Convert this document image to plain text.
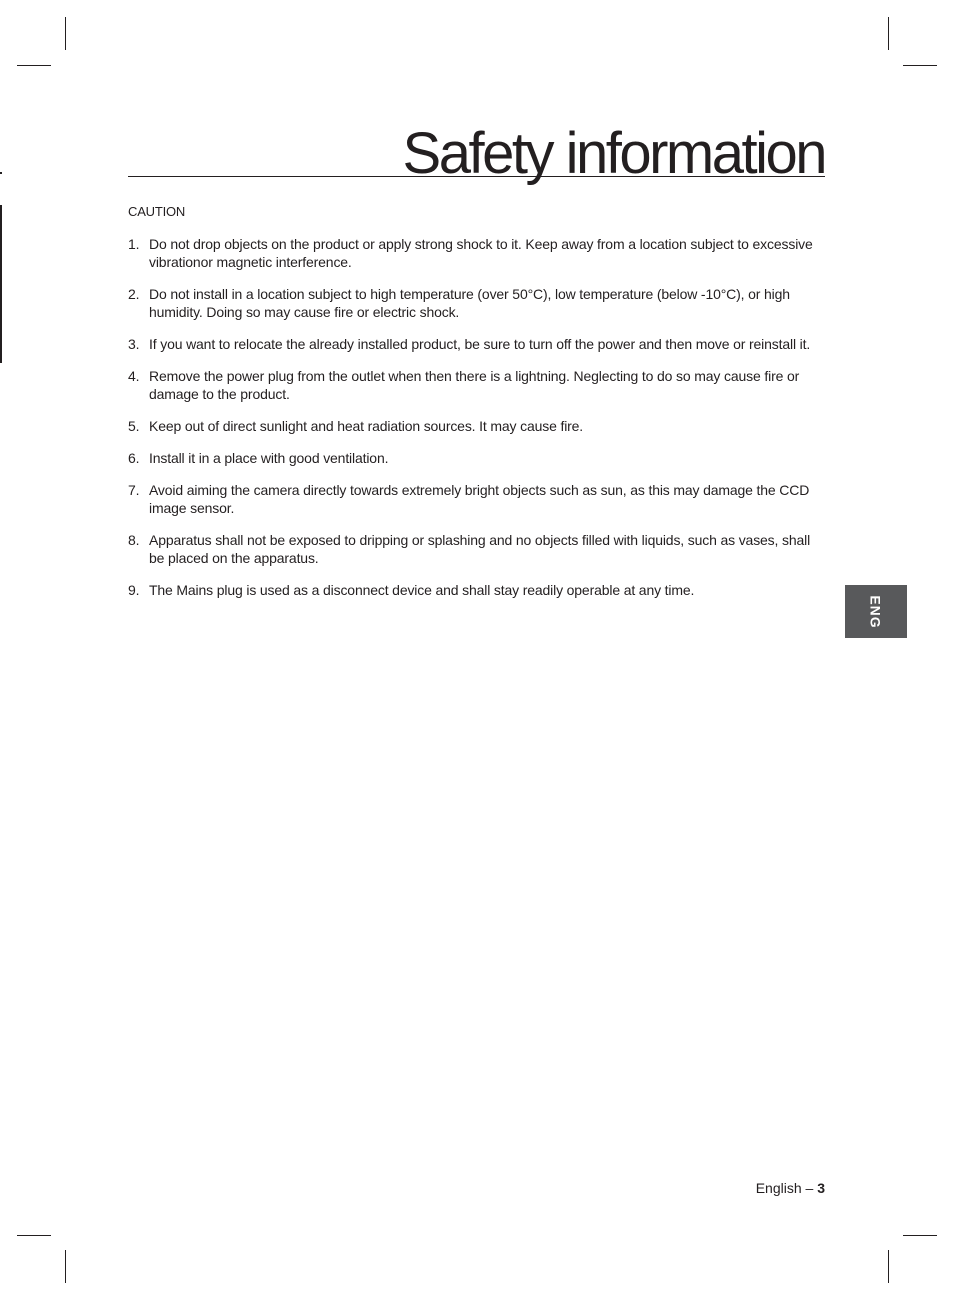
Safety information
CAUTION
1. Do not drop objects on the product or apply strong shock to it. Keep away from a location subject to excessive vibrationor magnetic interference.
2. Do not install in a location subject to high temperature (over 50°C), low temperature (below -10°C), or high humidity. Doing so may cause fire or electric shock.
3. If you want to relocate the already installed product, be sure to turn off the power and then move or reinstall it.
4. Remove the power plug from the outlet when then there is a lightning. Neglecting to do so may cause fire or damage to the product.
5. Keep out of direct sunlight and heat radiation sources. It may cause fire.
6. Install it in a place with good ventilation.
7. Avoid aiming the camera directly towards extremely bright objects such as sun, as this may damage the CCD image sensor.
8. Apparatus shall not be exposed to dripping or splashing and no objects filled with liquids, such as vases, shall be placed on the apparatus.
9. The Mains plug is used as a disconnect device and shall stay readily operable at any time.
ENG
English – 3
